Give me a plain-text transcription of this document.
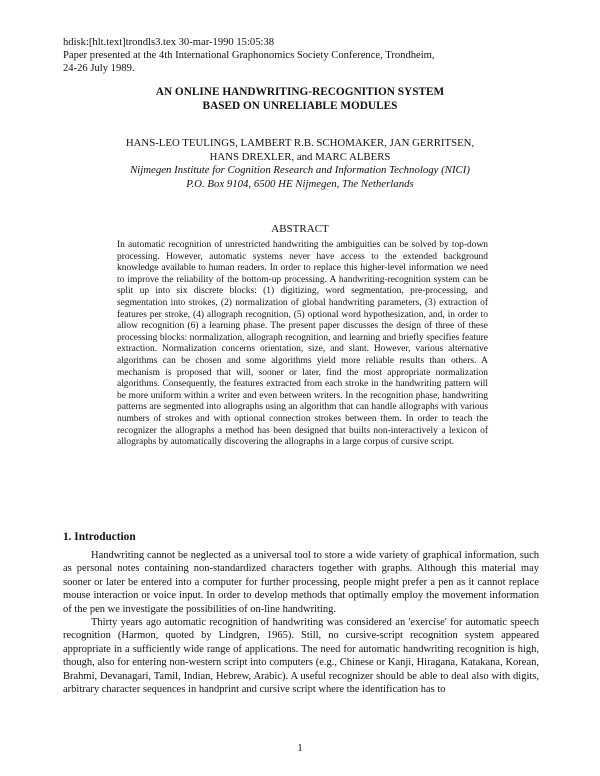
hdisk:[hlt.text]trondls3.tex 30-mar-1990 15:05:38
Paper presented at the 4th International Graphonomics Society Conference, Trondheim,
24-26 July 1989.
AN ONLINE HANDWRITING-RECOGNITION SYSTEM
BASED ON UNRELIABLE MODULES
HANS-LEO TEULINGS, LAMBERT R.B. SCHOMAKER, JAN GERRITSEN,
HANS DREXLER, and MARC ALBERS
Nijmegen Institute for Cognition Research and Information Technology (NICI)
P.O. Box 9104, 6500 HE Nijmegen, The Netherlands
ABSTRACT
In automatic recognition of unrestricted handwriting the ambiguities can be solved by top-down processing. However, automatic systems never have access to the extended background knowledge available to human readers. In order to replace this higher-level information we need to improve the reliability of the bottom-up processing. A handwriting-recognition system can be split up into six discrete blocks: (1) digitizing, word segmentation, pre-processing, and segmentation into strokes, (2) normalization of global handwriting parameters, (3) extraction of features per stroke, (4) allograph recognition, (5) optional word hypothesization, and, in order to allow recognition (6) a learning phase. The present paper discusses the design of three of these processing blocks: normalization, allograph recognition, and learning and briefly specifies feature extraction. Normalization concerns orientation, size, and slant. However, various alternative algorithms can be chosen and some algorithms yield more reliable results than others. A mechanism is proposed that will, sooner or later, find the most appropriate normalization algorithms. Consequently, the features extracted from each stroke in the handwriting pattern will be more uniform within a writer and even between writers. In the recognition phase, handwriting patterns are segmented into allographs using an algorithm that can handle allographs with various numbers of strokes and with optional connection strokes between them. In order to teach the recognizer the allographs a method has been designed that builts non-interactively a lexicon of allographs by automatically discovering the allographs in a large corpus of cursive script.
1. Introduction

Handwriting cannot be neglected as a universal tool to store a wide variety of graphical information, such as personal notes containing non-standardized characters together with graphs. Although this material may sooner or later be entered into a computer for further processing, people might prefer a pen as it cannot replace mouse interaction or voice input. In order to develop methods that optimally employ the movement information of the pen we investigate the possibilities of on-line handwriting.

Thirty years ago automatic recognition of handwriting was considered an 'exercise' for automatic speech recognition (Harmon, quoted by Lindgren, 1965). Still, no cursive-script recognition system appeared appropriate in a sufficiently wide range of applications. The need for automatic handwriting recognition is high, though, also for entering non-western script into computers (e.g., Chinese or Kanji, Hiragana, Katakana, Korean, Brahmi, Devanagari, Tamil, Indian, Hebrew, Arabic). A useful recognizer should be able to deal also with digits, arbitrary character sequences in handprint and cursive script where the identification has to

1
